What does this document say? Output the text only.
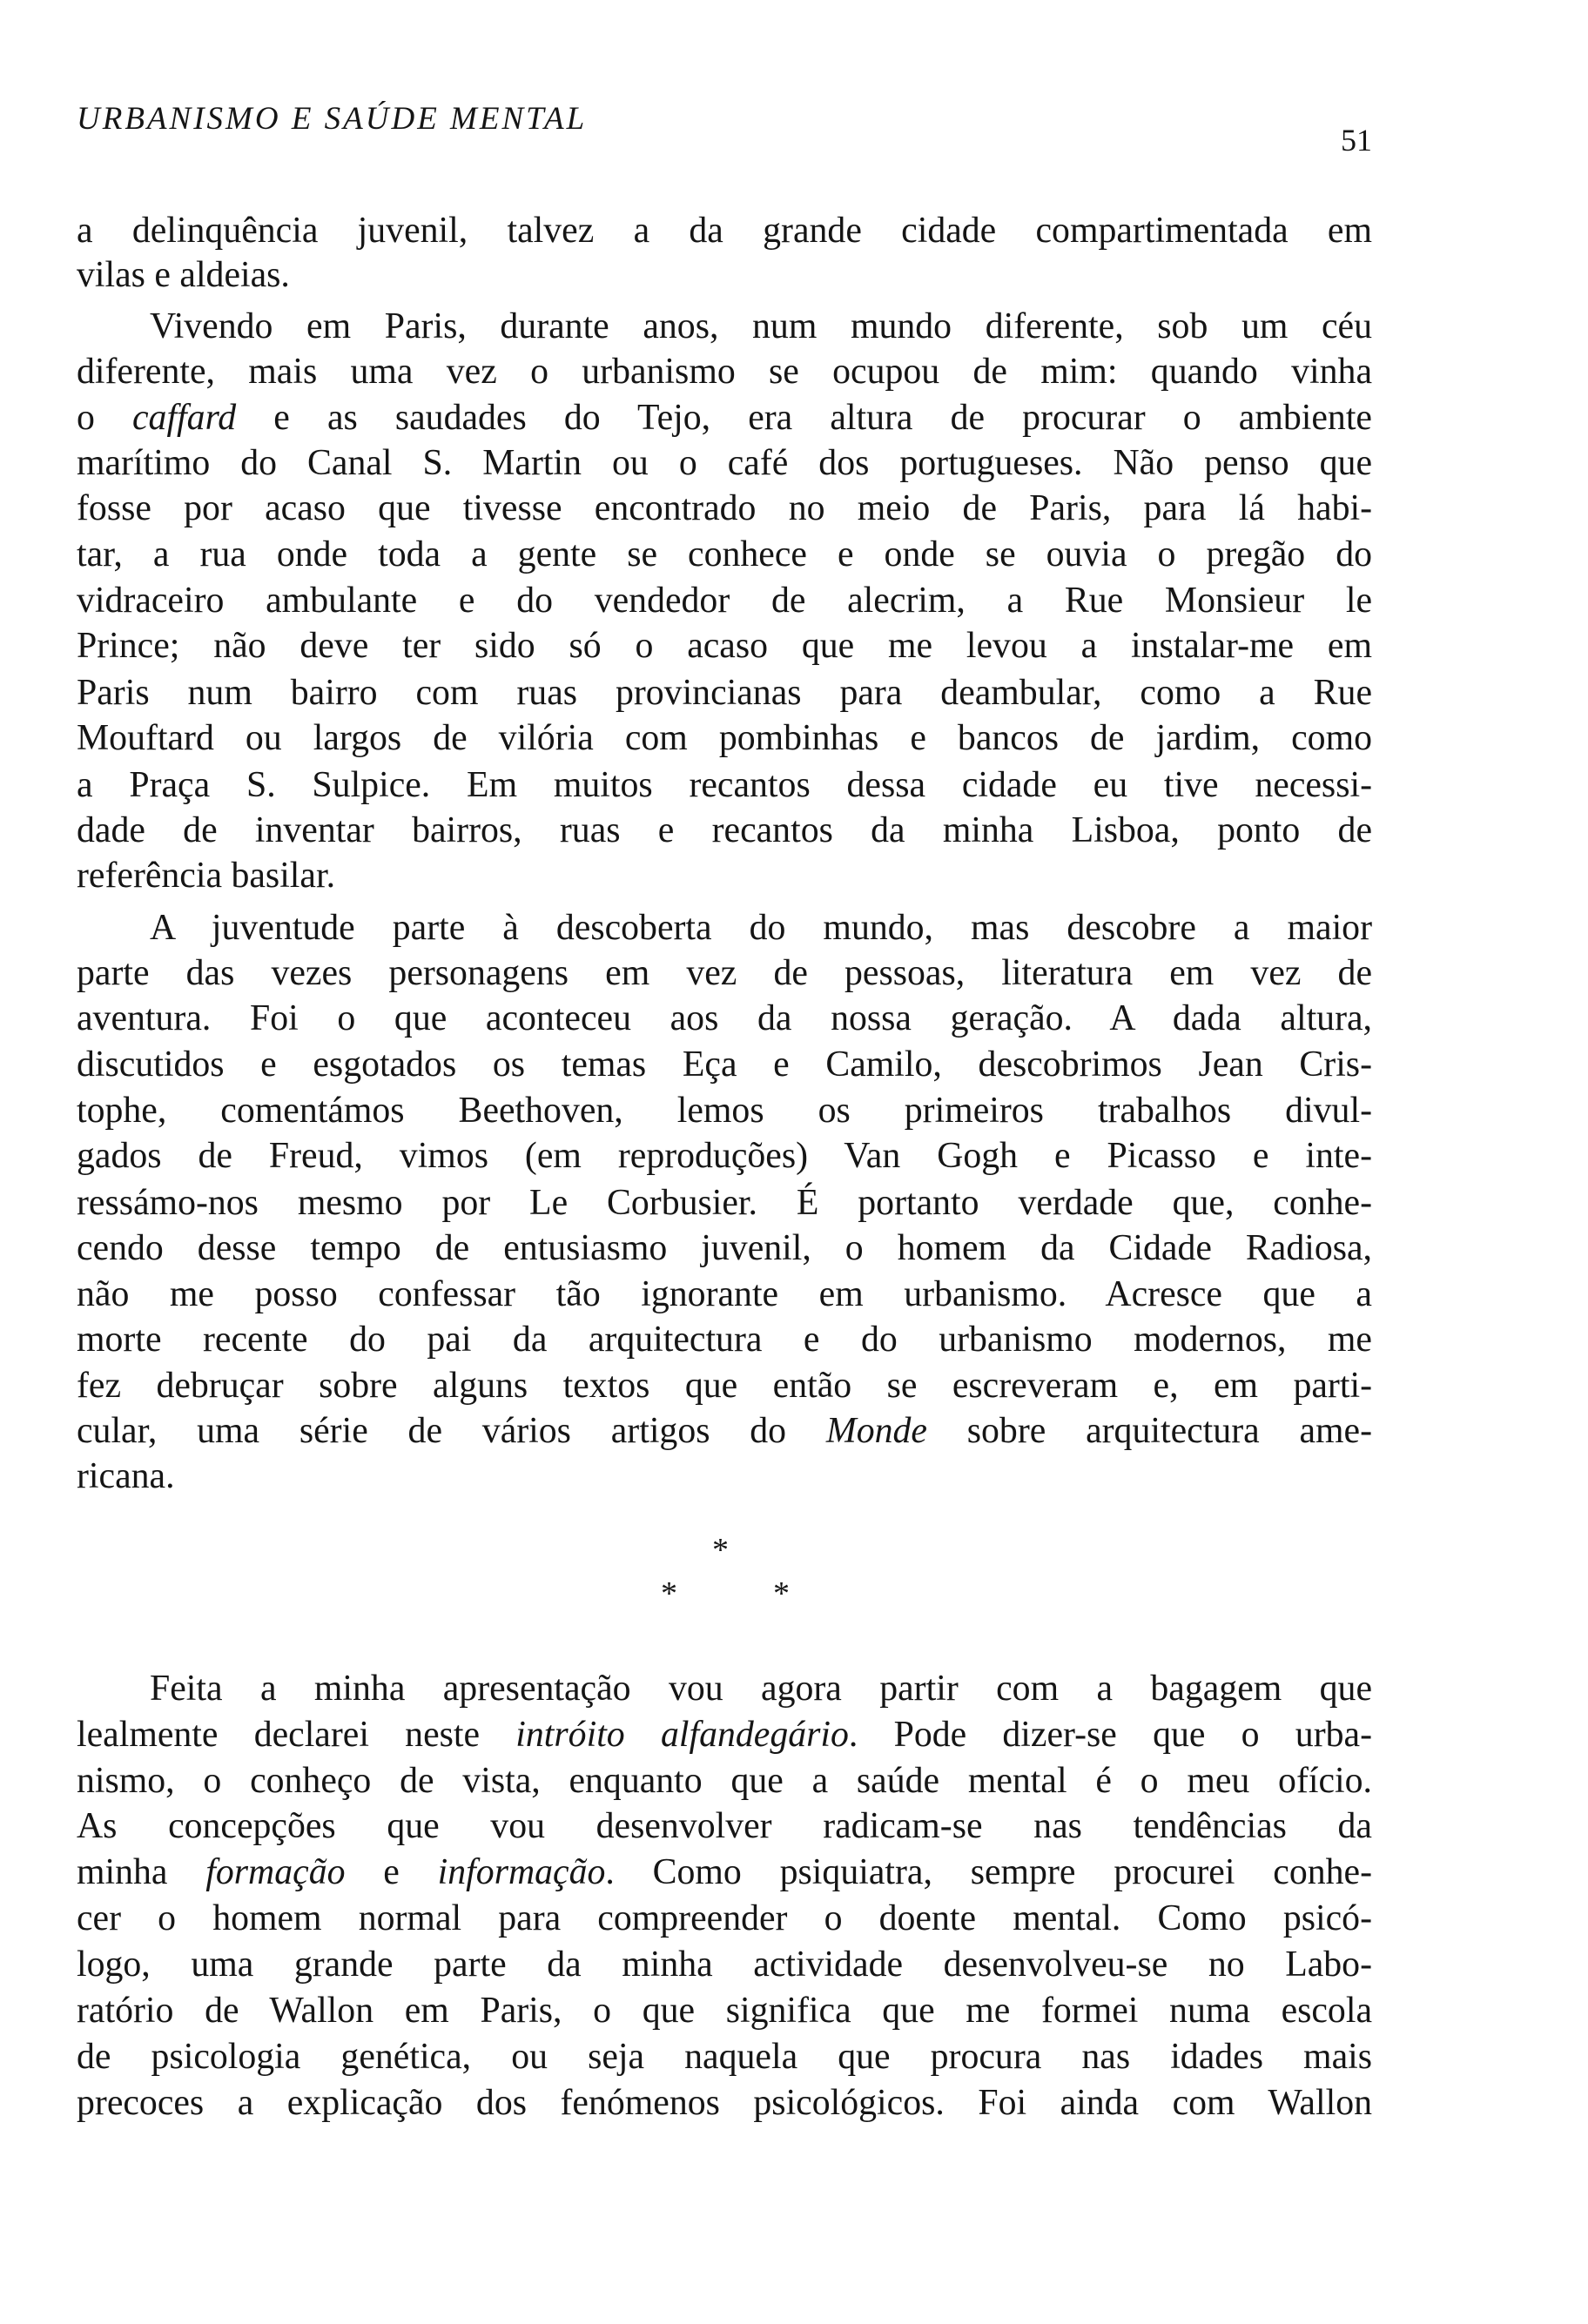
URBANISMO E SAÚDE MENTAL
51
a delinquência juvenil, talvez a da grande cidade compartimentada em
vilas e aldeias.
Vivendo em Paris, durante anos, num mundo diferente, sob um céu
diferente, mais uma vez o urbanismo se ocupou de mim: quando vinha
o caffard e as saudades do Tejo, era altura de procurar o ambiente
marítimo do Canal S. Martin ou o café dos portugueses. Não penso que
fosse por acaso que tivesse encontrado no meio de Paris, para lá habi-
tar, a rua onde toda a gente se conhece e onde se ouvia o pregão do
vidraceiro ambulante e do vendedor de alecrim, a Rue Monsieur le
Prince; não deve ter sido só o acaso que me levou a instalar-me em
Paris num bairro com ruas provincianas para deambular, como a Rue
Mouftard ou largos de vilória com pombinhas e bancos de jardim, como
a Praça S. Sulpice. Em muitos recantos dessa cidade eu tive necessi-
dade de inventar bairros, ruas e recantos da minha Lisboa, ponto de
referência basilar.
A juventude parte à descoberta do mundo, mas descobre a maior
parte das vezes personagens em vez de pessoas, literatura em vez de
aventura. Foi o que aconteceu aos da nossa geração. A dada altura,
discutidos e esgotados os temas Eça e Camilo, descobrimos Jean Cris-
tophe, comentámos Beethoven, lemos os primeiros trabalhos divul-
gados de Freud, vimos (em reproduções) Van Gogh e Picasso e inte-
ressámo-nos mesmo por Le Corbusier. É portanto verdade que, conhe-
cendo desse tempo de entusiasmo juvenil, o homem da Cidade Radiosa,
não me posso confessar tão ignorante em urbanismo. Acresce que a
morte recente do pai da arquitectura e do urbanismo modernos, me
fez debruçar sobre alguns textos que então se escreveram e, em parti-
cular, uma série de vários artigos do Monde sobre arquitectura ame-
ricana.
*
*	*
Feita a minha apresentação vou agora partir com a bagagem que
lealmente declarei neste intróito alfandegário. Pode dizer-se que o urba-
nismo, o conheço de vista, enquanto que a saúde mental é o meu ofício.
As concepções que vou desenvolver radicam-se nas tendências da
minha formação e informação. Como psiquiatra, sempre procurei conhe-
cer o homem normal para compreender o doente mental. Como psicó-
logo, uma grande parte da minha actividade desenvolveu-se no Labo-
ratório de Wallon em Paris, o que significa que me formei numa escola
de psicologia genética, ou seja naquela que procura nas idades mais
precoces a explicação dos fenómenos psicológicos. Foi ainda com Wallon
